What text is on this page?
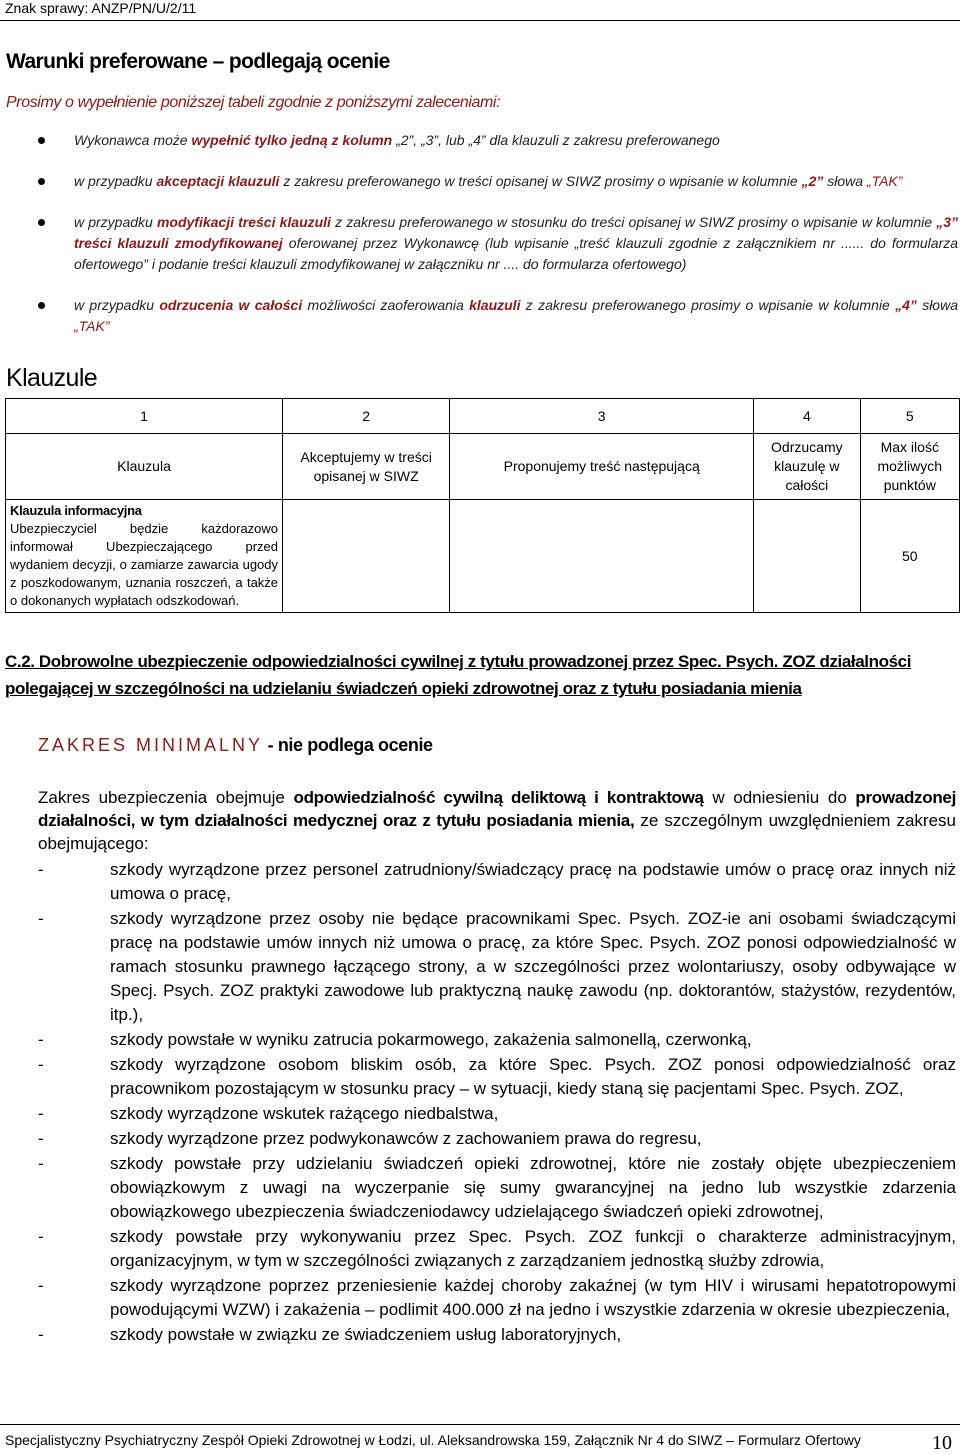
Znak sprawy: ANZP/PN/U/2/11
Warunki preferowane – podlegają ocenie
Prosimy o wypełnienie poniższej tabeli zgodnie z poniższymi zaleceniami:
Wykonawca może wypełnić tylko jedną z kolumn „2”, „3”, lub „4” dla klauzuli z zakresu preferowanego
w przypadku akceptacji klauzuli z zakresu preferowanego w treści opisanej w SIWZ prosimy o wpisanie w kolumnie „2” słowa „TAK”
w przypadku modyfikacji treści klauzuli z zakresu preferowanego w stosunku do treści opisanej w SIWZ prosimy o wpisanie w kolumnie „3” treści klauzuli zmodyfikowanej oferowanej przez Wykonawcę (lub wpisanie „treść klauzuli zgodnie z załącznikiem nr ...... do formularza ofertowego” i podanie treści klauzuli zmodyfikowanej w załączniku nr .... do formularza ofertowego)
w przypadku odrzucenia w całości możliwości zaoferowania klauzuli z zakresu preferowanego prosimy o wpisanie w kolumnie „4” słowa „TAK”
Klauzule
1	2	3	4	5
Klauzula	Akceptujemy w treści opisanej w SIWZ	Proponujemy treść następującą	Odrzucamy klauzulę w całości	Max ilość możliwych punktów

Klauzula informacyjna
Ubezpieczyciel będzie każdorazowo informował Ubezpieczającego przed wydaniem decyzji, o zamiarze zawarcia ugody z poszkodowanym, uznania roszczeń, a także o dokonanych wypłatach odszkodowań.				50
C.2. Dobrowolne ubezpieczenie odpowiedzialności cywilnej z tytułu prowadzonej przez Spec. Psych. ZOZ działalności polegającej w szczególności na udzielaniu świadczeń opieki zdrowotnej oraz z tytułu posiadania mienia
ZAKRES MINIMALNY - nie podlega ocenie
Zakres ubezpieczenia obejmuje odpowiedzialność cywilną deliktową i kontraktową w odniesieniu do prowadzonej działalności, w tym działalności medycznej oraz z tytułu posiadania mienia, ze szczególnym uwzględnieniem zakresu obejmującego:
- szkody wyrządzone przez personel zatrudniony/świadczący pracę na podstawie umów o pracę oraz innych niż umowa o pracę,
- szkody wyrządzone przez osoby nie będące pracownikami Spec. Psych. ZOZ-ie ani osobami świadczącymi pracę na podstawie umów innych niż umowa o pracę, za które Spec. Psych. ZOZ ponosi odpowiedzialność w ramach stosunku prawnego łączącego strony, a w szczególności przez wolontariuszy, osoby odbywające w Specj. Psych. ZOZ praktyki zawodowe lub praktyczną naukę zawodu (np. doktorantów, stażystów, rezydentów, itp.),
- szkody powstałe w wyniku zatrucia pokarmowego, zakażenia salmonellą, czerwonką,
- szkody wyrządzone osobom bliskim osób, za które Spec. Psych. ZOZ ponosi odpowiedzialność oraz pracownikom pozostającym w stosunku pracy – w sytuacji, kiedy staną się pacjentami Spec. Psych. ZOZ,
- szkody wyrządzone wskutek rażącego niedbalstwa,
- szkody wyrządzone przez podwykonawców z zachowaniem prawa do regresu,
- szkody powstałe przy udzielaniu świadczeń opieki zdrowotnej, które nie zostały objęte ubezpieczeniem obowiązkowym z uwagi na wyczerpanie się sumy gwarancyjnej na jedno lub wszystkie zdarzenia obowiązkowego ubezpieczenia świadczeniodawcy udzielającego świadczeń opieki zdrowotnej,
- szkody powstałe przy wykonywaniu przez Spec. Psych. ZOZ funkcji o charakterze administracyjnym, organizacyjnym, w tym w szczególności związanych z zarządzaniem jednostką służby zdrowia,
- szkody wyrządzone poprzez przeniesienie każdej choroby zakaźnej (w tym HIV i wirusami hepatotropowymi powodującymi WZW) i zakażenia – podlimit 400.000 zł na jedno i wszystkie zdarzenia w okresie ubezpieczenia,
- szkody powstałe w związku ze świadczeniem usług laboratoryjnych,
Specjalistyczny Psychiatryczny Zespół Opieki Zdrowotnej w Łodzi, ul. Aleksandrowska 159, Załącznik Nr 4 do SIWZ – Formularz Ofertowy	10
